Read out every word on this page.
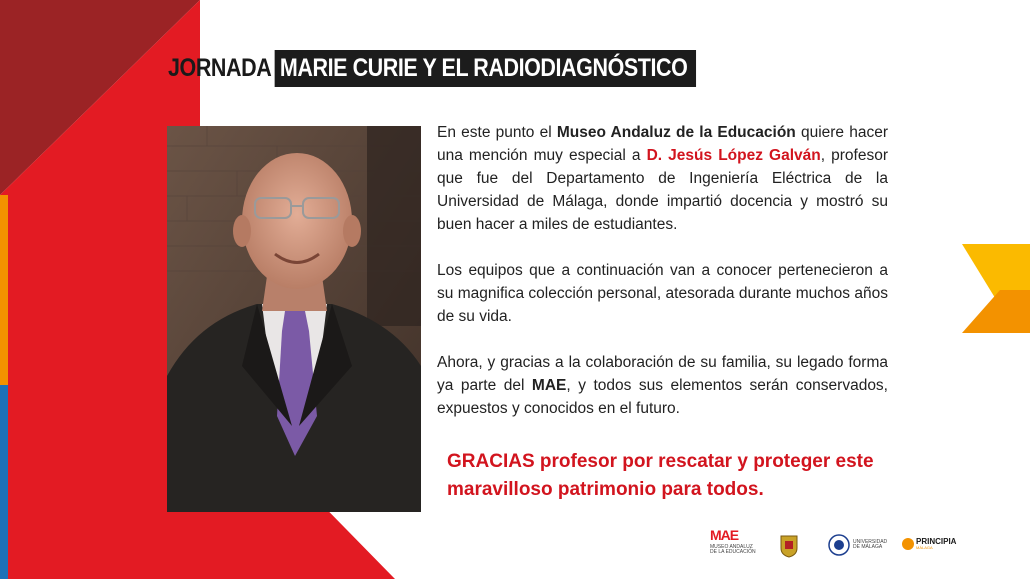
JORNADA MARIE CURIE Y EL RADIODIAGNÓSTICO

En este punto el Museo Andaluz de la Educación quiere hacer una mención muy especial a D. Jesús López Galván, profesor que fue del Departamento de Ingeniería Eléctrica de la Universidad de Málaga, donde impartió docencia y mostró su buen hacer a miles de estudiantes.

Los equipos que a continuación van a conocer pertenecieron a su magnifica colección personal, atesorada durante muchos años de su vida.

Ahora, y gracias a la colaboración de su familia, su legado forma ya parte del MAE, y todos sus elementos serán conservados, expuestos y conocidos en el futuro.

GRACIAS profesor por rescatar y proteger este maravilloso patrimonio para todos.
MAE
MUSEO ANDALUZ
DE LA EDUCACIÓN
UNIVERSIDAD
DE MÁLAGA
PRINCIPIA
MÁLAGA
